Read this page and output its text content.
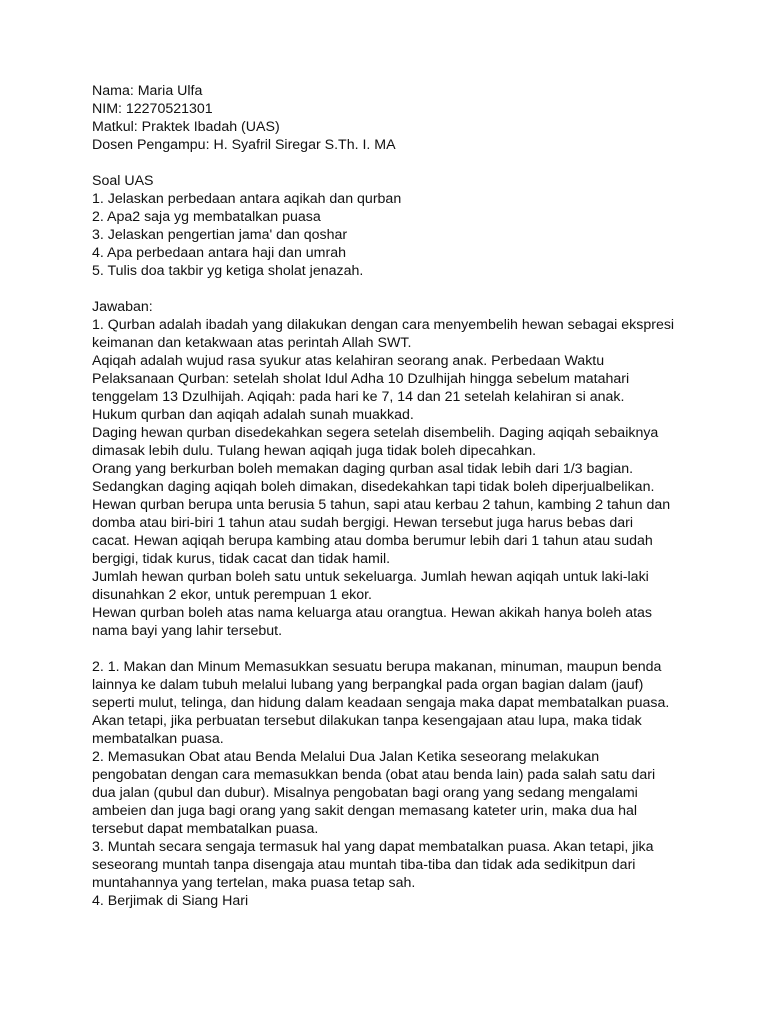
Nama: Maria Ulfa
NIM: 12270521301
Matkul: Praktek Ibadah (UAS)
Dosen Pengampu: H. Syafril Siregar S.Th. I. MA
Soal UAS
1. Jelaskan perbedaan antara aqikah dan qurban
2. Apa2 saja yg membatalkan puasa
3. Jelaskan pengertian jama' dan qoshar
4. Apa perbedaan antara haji dan umrah
5. Tulis doa takbir yg ketiga sholat jenazah.
Jawaban:
1. Qurban adalah ibadah yang dilakukan dengan cara menyembelih hewan sebagai ekspresi
keimanan dan ketakwaan atas perintah Allah SWT.
Aqiqah adalah wujud rasa syukur atas kelahiran seorang anak. Perbedaan Waktu
Pelaksanaan Qurban: setelah sholat Idul Adha 10 Dzulhijah hingga sebelum matahari
tenggelam 13 Dzulhijah. Aqiqah: pada hari ke 7, 14 dan 21 setelah kelahiran si anak.
Hukum qurban dan aqiqah adalah sunah muakkad.
Daging hewan qurban disedekahkan segera setelah disembelih. Daging aqiqah sebaiknya
dimasak lebih dulu. Tulang hewan aqiqah juga tidak boleh dipecahkan.
Orang yang berkurban boleh memakan daging qurban asal tidak lebih dari 1/3 bagian.
Sedangkan daging aqiqah boleh dimakan, disedekahkan tapi tidak boleh diperjualbelikan.
Hewan qurban berupa unta berusia 5 tahun, sapi atau kerbau 2 tahun, kambing 2 tahun dan
domba atau biri-biri 1 tahun atau sudah bergigi. Hewan tersebut juga harus bebas dari
cacat. Hewan aqiqah berupa kambing atau domba berumur lebih dari 1 tahun atau sudah
bergigi, tidak kurus, tidak cacat dan tidak hamil.
Jumlah hewan qurban boleh satu untuk sekeluarga. Jumlah hewan aqiqah untuk laki-laki
disunahkan 2 ekor, untuk perempuan 1 ekor.
Hewan qurban boleh atas nama keluarga atau orangtua. Hewan akikah hanya boleh atas
nama bayi yang lahir tersebut.
2. 1. Makan dan Minum Memasukkan sesuatu berupa makanan, minuman, maupun benda
lainnya ke dalam tubuh melalui lubang yang berpangkal pada organ bagian dalam (jauf)
seperti mulut, telinga, dan hidung dalam keadaan sengaja maka dapat membatalkan puasa.
Akan tetapi, jika perbuatan tersebut dilakukan tanpa kesengajaan atau lupa, maka tidak
membatalkan puasa.
2. Memasukan Obat atau Benda Melalui Dua Jalan Ketika seseorang melakukan
pengobatan dengan cara memasukkan benda (obat atau benda lain) pada salah satu dari
dua jalan (qubul dan dubur). Misalnya pengobatan bagi orang yang sedang mengalami
ambeien dan juga bagi orang yang sakit dengan memasang kateter urin, maka dua hal
tersebut dapat membatalkan puasa.
3. Muntah secara sengaja termasuk hal yang dapat membatalkan puasa. Akan tetapi, jika
seseorang muntah tanpa disengaja atau muntah tiba-tiba dan tidak ada sedikitpun dari
muntahannya yang tertelan, maka puasa tetap sah.
4. Berjimak di Siang Hari
